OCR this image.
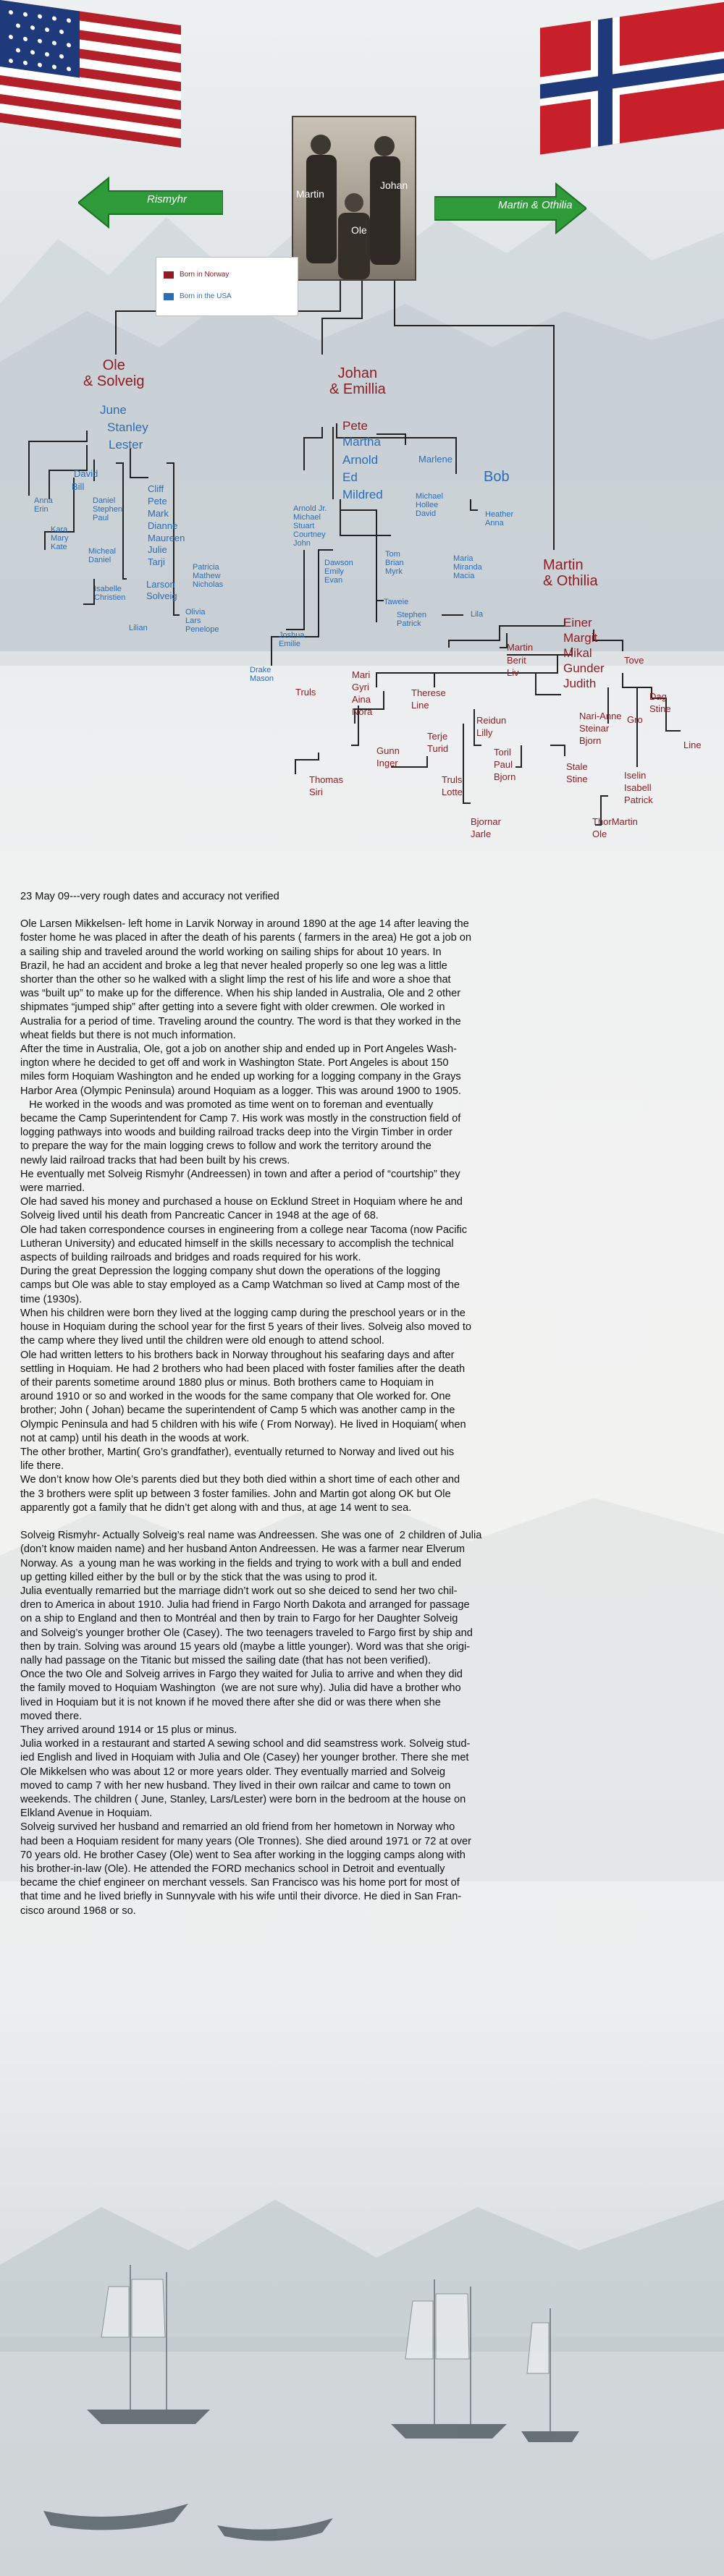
Rismyhr	Martin & Othilia
Martin
Johan
Ole
Born in Norway
Born in the USA
Ole
& Solveig
June
Stanley
Lester
David
Bill
Anna
Erin
Kara
Mary
Kate
Daniel
Stephen
Paul
Micheal
Daniel
Isabelle
Christien
Cliff
Pete
Mark
Dianne
Maureen
Julie
Tarji
Larson
Solveig
Lilian
Patricia
Mathew
Nicholas
Olivia
Lars
Penelope
Johan
& Emillia
Pete
Martha
Marlene
Arnold
Ed
Mildred
Bob
Arnold Jr.
Michael
Stuart
Courtney
John
Michael
Hollee
David	Heather
Anna
Dawson
Emily
Evan
Tom
Brian
Myrk
Taweie
Maria
Miranda
Macia
Joshua
Emilie
Stephen
Patrick
Lila
Drake
Mason
Martin
& Othilia
Einer
Margit
Mikal
Gunder
Judith
Martin
Berit
Liv
Tove
Truls
Mari
Gyri
Aina
Nora
Therese
Line
Dag
Stine
Gro
Line
Reidun
Lilly
Nari-Anne
Steinar
Bjorn
Terje
Turid	Toril
Paul
Bjorn
Gunn
Inger	Stale
Stine	Iselin
Isabell
Patrick
Thomas
Siri
Truls
Lotte
Bjornar
Jarle
ThorMartin
Ole

23 May 09---very rough dates and accuracy not verified

Ole Larsen Mikkelsen- left home in Larvik Norway in around 1890 at the age 14 after leaving the

foster home he was placed in after the death of his parents ( farmers in the area) He got a job on

a sailing ship and traveled around the world working on sailing ships for about 10 years. In

Brazil, he had an accident and broke a leg that never healed properly so one leg was a little

shorter than the other so he walked with a slight limp the rest of his life and wore a shoe that

was “built up” to make up for the difference. When his ship landed in Australia, Ole and 2 other

shipmates “jumped ship” after getting into a severe fight with older crewmen. Ole worked in

Australia for a period of time. Traveling around the country. The word is that they worked in the

wheat fields but there is not much information.

After the time in Australia, Ole, got a job on another ship and ended up in Port Angeles Wash-

ington where he decided to get off and work in Washington State. Port Angeles is about 150

miles form Hoquiam Washington and he ended up working for a logging company in the Grays

Harbor Area (Olympic Peninsula) around Hoquiam as a logger. This was around 1900 to 1905.

He worked in the woods and was promoted as time went on to foreman and eventually

became the Camp Superintendent for Camp 7. His work was mostly in the construction field of

logging pathways into woods and building railroad tracks deep into the Virgin Timber in order

to prepare the way for the main logging crews to follow and work the territory around the

newly laid railroad tracks that had been built by his crews.

He eventually met Solveig Rismyhr (Andreessen) in town and after a period of “courtship” they

were married.

Ole had saved his money and purchased a house on Ecklund Street in Hoquiam where he and

Solveig lived until his death from Pancreatic Cancer in 1948 at the age of 68.

Ole had taken correspondence courses in engineering from a college near Tacoma (now Pacific

Lutheran University) and educated himself in the skills necessary to accomplish the technical

aspects of building railroads and bridges and roads required for his work.

During the great Depression the logging company shut down the operations of the logging

camps but Ole was able to stay employed as a Camp Watchman so lived at Camp most of the

time (1930s).

When his children were born they lived at the logging camp during the preschool years or in the

house in Hoquiam during the school year for the first 5 years of their lives. Solveig also moved to

the camp where they lived until the children were old enough to attend school.

Ole had written letters to his brothers back in Norway throughout his seafaring days and after

settling in Hoquiam. He had 2 brothers who had been placed with foster families after the death

of their parents sometime around 1880 plus or minus. Both brothers came to Hoquiam in

around 1910 or so and worked in the woods for the same company that Ole worked for. One

brother; John ( Johan) became the superintendent of Camp 5 which was another camp in the

Olympic Peninsula and had 5 children with his wife ( From Norway). He lived in Hoquiam( when

not at camp) until his death in the woods at work.

The other brother, Martin( Gro’s grandfather), eventually returned to Norway and lived out his

life there.

We don’t know how Ole’s parents died but they both died within a short time of each other and

the 3 brothers were split up between 3 foster families. John and Martin got along OK but Ole

apparently got a family that he didn’t get along with and thus, at age 14 went to sea.

Solveig Rismyhr- Actually Solveig’s real name was Andreessen. She was one of  2 children of Julia

(don’t know maiden name) and her husband Anton Andreessen. He was a farmer near Elverum

Norway. As  a young man he was working in the fields and trying to work with a bull and ended

up getting killed either by the bull or by the stick that the was using to prod it.

Julia eventually remarried but the marriage didn’t work out so she deiced to send her two chil-

dren to America in about 1910. Julia had friend in Fargo North Dakota and arranged for passage

on a ship to England and then to Montréal and then by train to Fargo for her Daughter Solveig

and Solveig’s younger brother Ole (Casey). The two teenagers traveled to Fargo first by ship and

then by train. Solving was around 15 years old (maybe a little younger). Word was that she origi-

nally had passage on the Titanic but missed the sailing date (that has not been verified).

Once the two Ole and Solveig arrives in Fargo they waited for Julia to arrive and when they did

the family moved to Hoquiam Washington  (we are not sure why). Julia did have a brother who

lived in Hoquiam but it is not known if he moved there after she did or was there when she

moved there.

They arrived around 1914 or 15 plus or minus.

Julia worked in a restaurant and started A sewing school and did seamstress work. Solveig stud-

ied English and lived in Hoquiam with Julia and Ole (Casey) her younger brother. There she met

Ole Mikkelsen who was about 12 or more years older. They eventually married and Solveig

moved to camp 7 with her new husband. They lived in their own railcar and came to town on

weekends. The children ( June, Stanley, Lars/Lester) were born in the bedroom at the house on

Elkland Avenue in Hoquiam.

Solveig survived her husband and remarried an old friend from her hometown in Norway who

had been a Hoquiam resident for many years (Ole Tronnes). She died around 1971 or 72 at over

70 years old. He brother Casey (Ole) went to Sea after working in the logging camps along with

his brother-in-law (Ole). He attended the FORD mechanics school in Detroit and eventually

became the chief engineer on merchant vessels. San Francisco was his home port for most of

that time and he lived briefly in Sunnyvale with his wife until their divorce. He died in San Fran-

cisco around 1968 or so.
